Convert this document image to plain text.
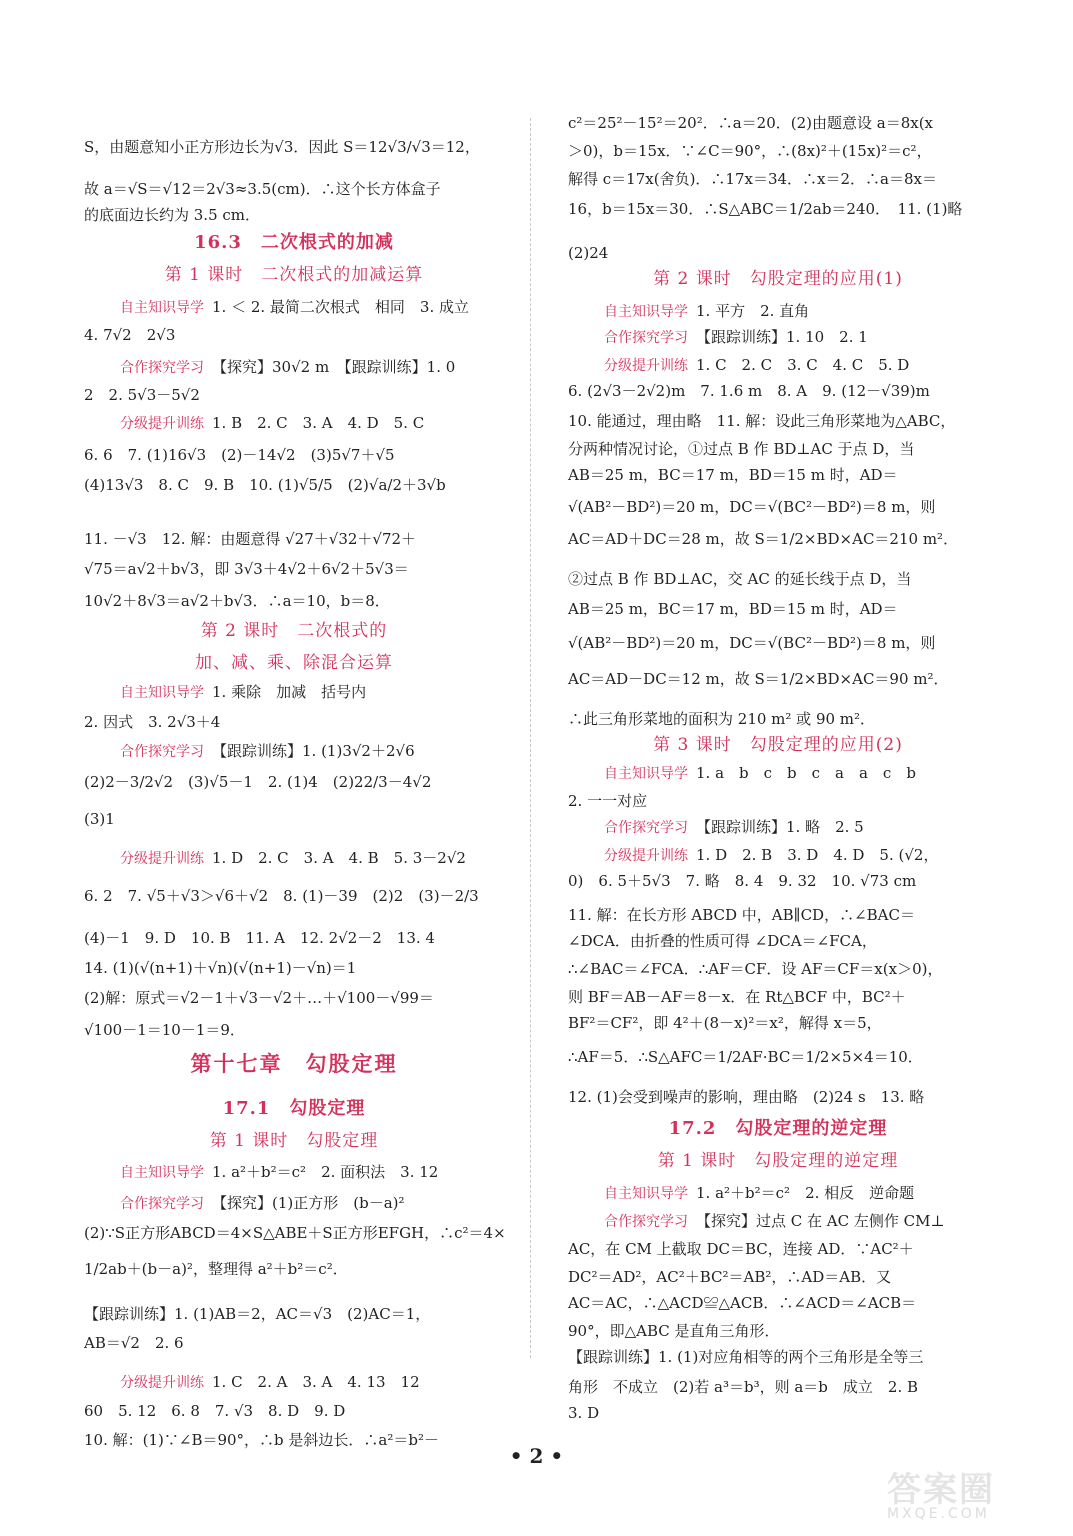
S，由题意知小正方形边长为√3．因此 S＝12√3/√3＝12，
故 a＝√S＝√12＝2√3≈3.5(cm)．∴这个长方体盒子
的底面边长约为 3.5 cm．
16.3　二次根式的加减
第 1 课时　二次根式的加减运算
自主知识导学 1. ＜ 2. 最简二次根式　相同　3. 成立
4. 7√2　2√3
合作探究学习 【探究】30√2 m　【跟踪训练】1. 0
2　2. 5√3－5√2
分级提升训练 1. B　2. C　3. A　4. D　5. C
6. 6　7. (1)16√3　(2)－14√2　(3)5√7＋√5
(4)13√3　8. C　9. B　10. (1)√5/5　(2)√a/2＋3√b
11. －√3　12. 解：由题意得 √27＋√32＋√72＋
√75＝a√2＋b√3，即 3√3＋4√2＋6√2＋5√3＝
10√2＋8√3＝a√2＋b√3．∴a＝10，b＝8．
第 2 课时　二次根式的
加、减、乘、除混合运算
自主知识导学 1. 乘除　加减　括号内
2. 因式　3. 2√3＋4
合作探究学习 【跟踪训练】1. (1)3√2＋2√6
(2)2－3/2√2　(3)√5－1　2. (1)4　(2)22/3－4√2
(3)1
分级提升训练 1. D　2. C　3. A　4. B　5. 3－2√2
6. 2　7. √5＋√3＞√6＋√2　8. (1)－39　(2)2　(3)－2/3
(4)－1　9. D　10. B　11. A　12. 2√2－2　13. 4
14. (1)(√(n+1)＋√n)(√(n+1)－√n)＝1
(2)解：原式＝√2－1＋√3－√2＋…＋√100－√99＝
√100－1＝10－1＝9．
第十七章　勾股定理
17.1　勾股定理
第 1 课时　勾股定理
自主知识导学 1. a²＋b²＝c²　2. 面积法　3. 12
合作探究学习 【探究】(1)正方形　(b－a)²
(2)∵S正方形ABCD＝4×S△ABE＋S正方形EFGH，∴c²＝4×
1/2ab＋(b－a)²，整理得 a²＋b²＝c²．
【跟踪训练】1. (1)AB＝2，AC＝√3　(2)AC＝1，
AB＝√2　2. 6
分级提升训练 1. C　2. A　3. A　4. 13　12
60　5. 12　6. 8　7. √3　8. D　9. D
10. 解：(1)∵∠B＝90°，∴b 是斜边长．∴a²＝b²－
c²＝25²－15²＝20²．∴a＝20．(2)由题意设 a＝8x(x
＞0)，b＝15x．∵∠C＝90°，∴(8x)²＋(15x)²＝c²，
解得 c＝17x(舍负)．∴17x＝34．∴x＝2．∴a＝8x＝
16，b＝15x＝30．∴S△ABC＝1/2ab＝240．　11. (1)略
(2)24
第 2 课时　勾股定理的应用(1)
自主知识导学 1. 平方　2. 直角
合作探究学习 【跟踪训练】1. 10　2. 1
分级提升训练 1. C　2. C　3. C　4. C　5. D
6. (2√3－2√2)m　7. 1.6 m　8. A　9. (12－√39)m
10. 能通过，理由略　11. 解：设此三角形菜地为△ABC，
分两种情况讨论，①过点 B 作 BD⊥AC 于点 D，当
AB＝25 m，BC＝17 m，BD＝15 m 时，AD＝
√(AB²－BD²)＝20 m，DC＝√(BC²－BD²)＝8 m，则
AC＝AD＋DC＝28 m，故 S＝1/2×BD×AC＝210 m²．
②过点 B 作 BD⊥AC，交 AC 的延长线于点 D，当
AB＝25 m，BC＝17 m，BD＝15 m 时，AD＝
√(AB²－BD²)＝20 m，DC＝√(BC²－BD²)＝8 m，则
AC＝AD－DC＝12 m，故 S＝1/2×BD×AC＝90 m²．
∴此三角形菜地的面积为 210 m² 或 90 m²．
第 3 课时　勾股定理的应用(2)
自主知识导学 1. a　b　c　b　c　a　a　c　b
2. 一一对应
合作探究学习 【跟踪训练】1. 略　2. 5
分级提升训练 1. D　2. B　3. D　4. D　5. (√2，
0)　6. 5＋5√3　7. 略　8. 4　9. 32　10. √73 cm
11. 解：在长方形 ABCD 中，AB∥CD，∴∠BAC＝
∠DCA．由折叠的性质可得 ∠DCA＝∠FCA，
∴∠BAC＝∠FCA．∴AF＝CF．设 AF＝CF＝x(x＞0)，
则 BF＝AB－AF＝8－x．在 Rt△BCF 中，BC²＋
BF²＝CF²，即 4²＋(8－x)²＝x²，解得 x＝5，
∴AF＝5．∴S△AFC＝1/2AF·BC＝1/2×5×4＝10．
12. (1)会受到噪声的影响，理由略　(2)24 s　13. 略
17.2　勾股定理的逆定理
第 1 课时　勾股定理的逆定理
自主知识导学 1. a²＋b²＝c²　2. 相反　逆命题
合作探究学习 【探究】过点 C 在 AC 左侧作 CM⊥
AC，在 CM 上截取 DC＝BC，连接 AD．∵AC²＋
DC²＝AD²，AC²＋BC²＝AB²，∴AD＝AB．又
AC＝AC，∴△ACD≌△ACB．∴∠ACD＝∠ACB＝
90°，即△ABC 是直角三角形．
【跟踪训练】1. (1)对应角相等的两个三角形是全等三
角形　不成立　(2)若 a³＝b³，则 a＝b　成立　2. B
3. D
• 2 •
答案圈
MXQE.COM
